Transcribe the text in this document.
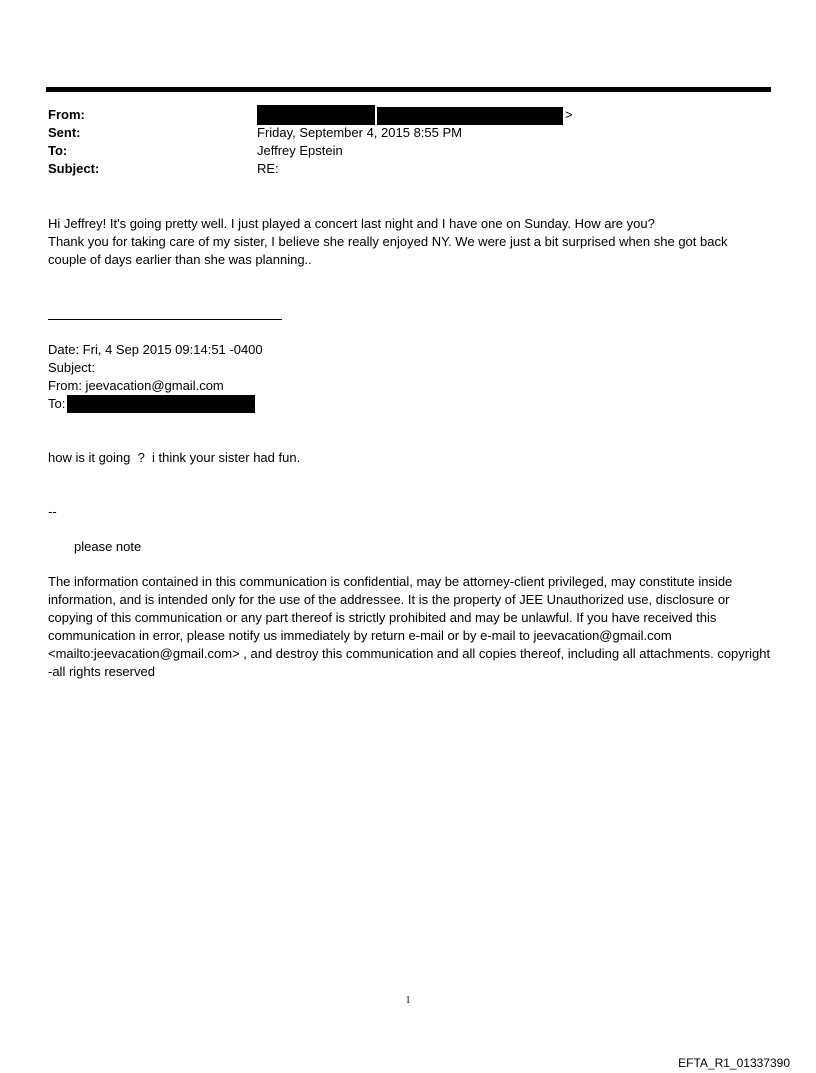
From:	>
Sent:	Friday, September 4, 2015 8:55 PM
To:	Jeffrey Epstein
Subject:	RE:

Hi Jeffrey! It's going pretty well. I just played a concert last night and I have one on Sunday. How are you?

Thank you for taking care of my sister, I believe she really enjoyed NY. We were just a bit surprised when she got back couple of days earlier than she was planning..

Date: Fri, 4 Sep 2015 09:14:51 -0400
Subject:
From: jeevacation@gmail.com
To:
how is it going  ?  i think your sister had fun.
--
please note
The information contained in this communication is confidential, may be attorney-client privileged, may constitute inside information, and is intended only for the use of the addressee. It is the property of JEE Unauthorized use, disclosure or copying of this communication or any part thereof is strictly prohibited and may be unlawful. If you have received this communication in error, please notify us immediately by return e-mail or by e-mail to jeevacation@gmail.com <mailto:jeevacation@gmail.com> , and destroy this communication and all copies thereof, including all attachments. copyright -all rights reserved
1
EFTA_R1_01337390
